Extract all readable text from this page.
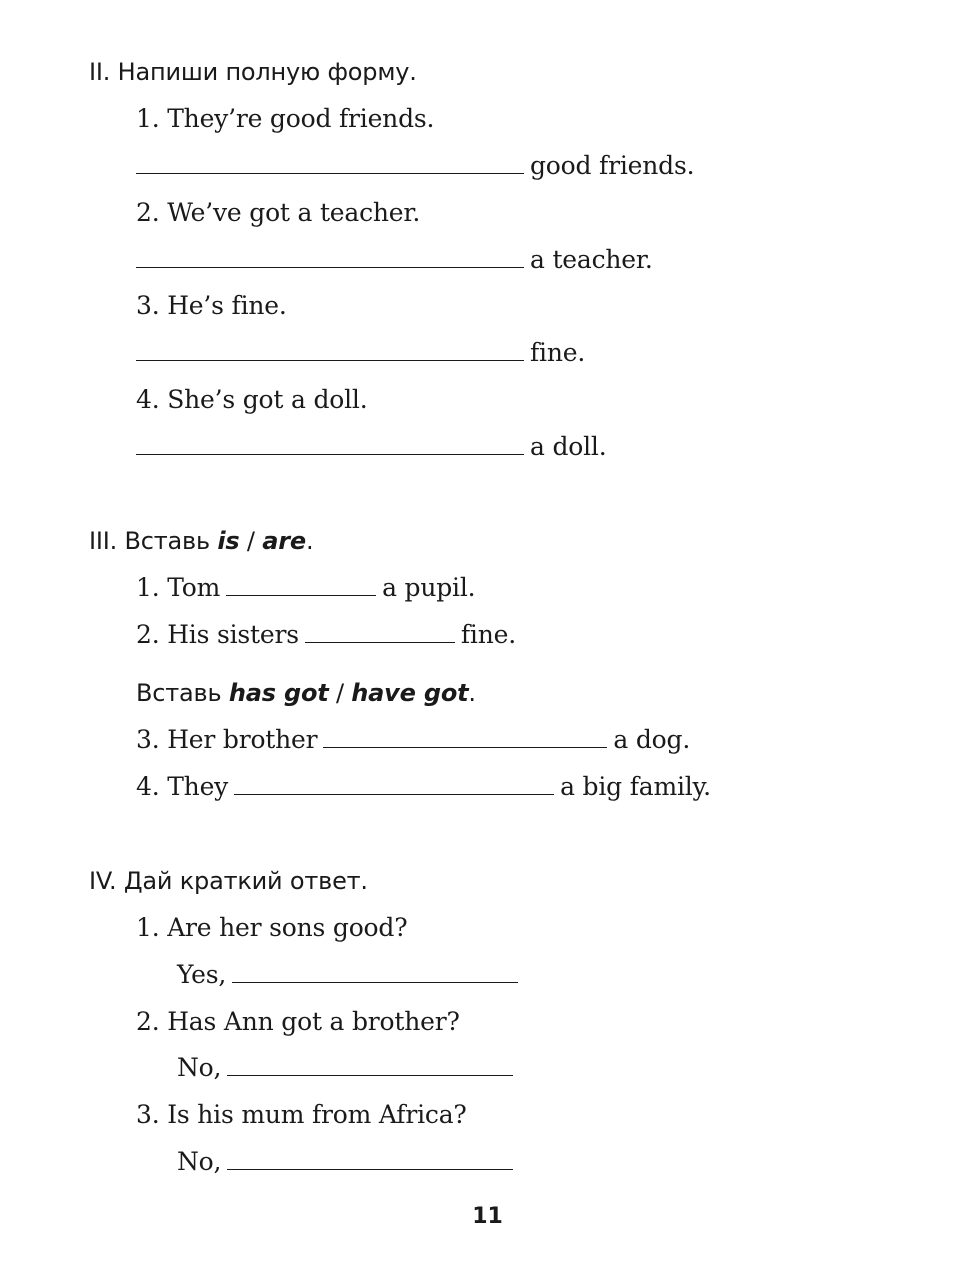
II. Напиши полную форму.
1. They’re good friends.
good friends.
2. We’ve got a teacher.
a teacher.
3. He’s fine.
fine.
4. She’s got a doll.
a doll.
III. Вставь is / are.
1. Tom	a pupil.
2. His sisters	fine.
Вставь has got / have got.
3. Her brother	a dog.
4. They	a big family.
IV. Дай краткий ответ.
1. Are her sons good?
Yes,
2. Has Ann got a brother?
No,
3. Is his mum from Africa?
No,
11
